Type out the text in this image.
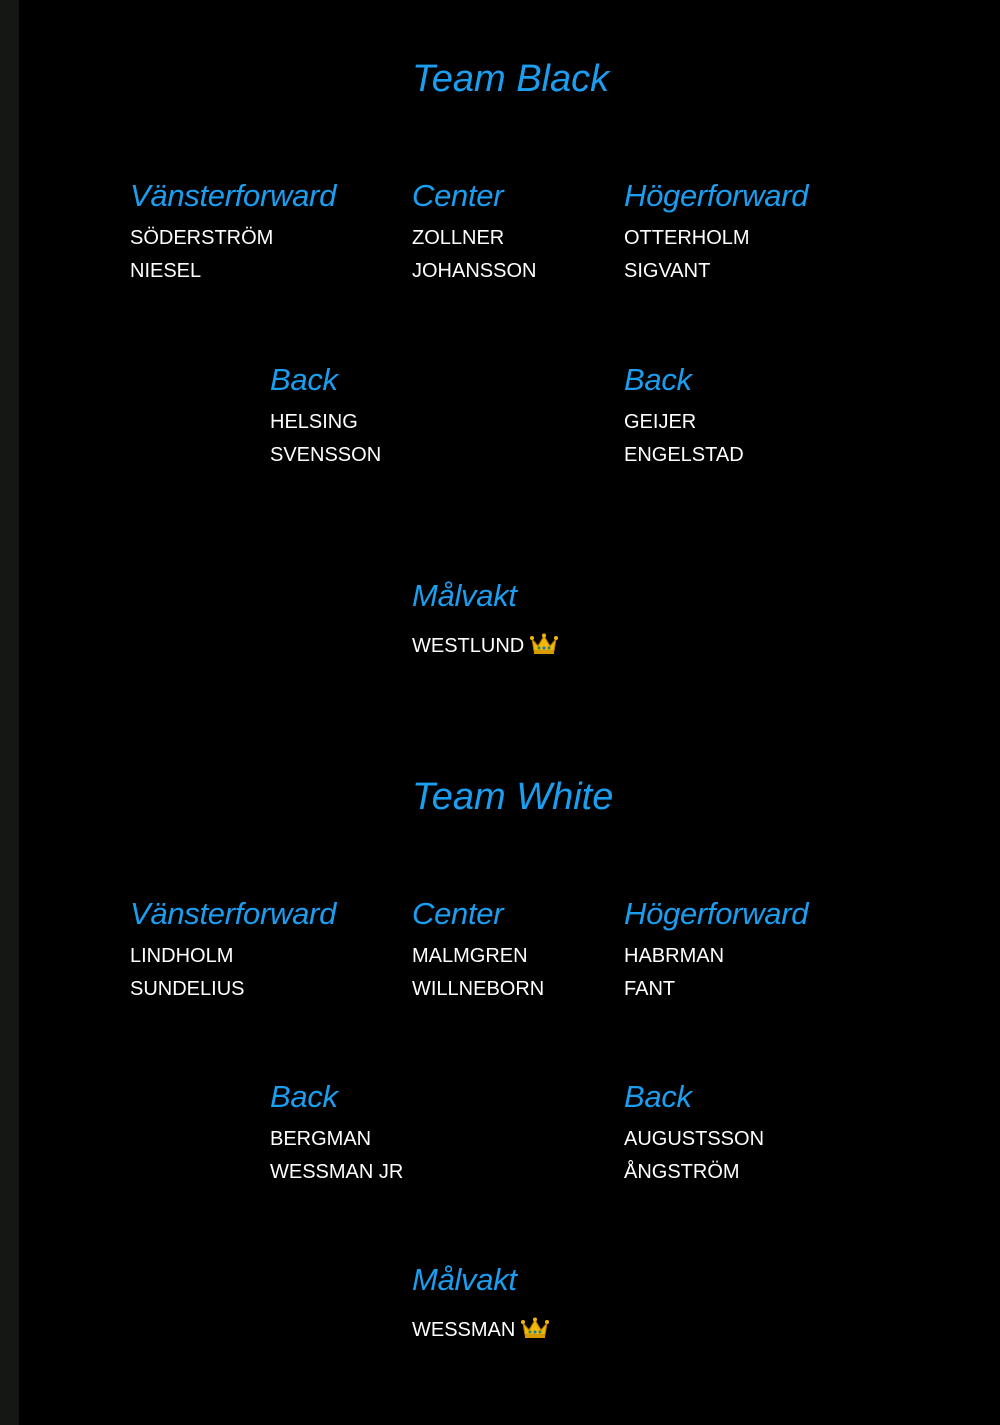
Team Black
Vänsterforward
SÖDERSTRÖM
NIESEL
Center
ZOLLNER
JOHANSSON
Högerforward
OTTERHOLM
SIGVANT
Back
HELSING
SVENSSON
Back
GEIJER
ENGELSTAD
Målvakt
WESTLUND
Team White
Vänsterforward
LINDHOLM
SUNDELIUS
Center
MALMGREN
WILLNEBORN
Högerforward
HABRMAN
FANT
Back
BERGMAN
WESSMAN JR
Back
AUGUSTSSON
ÅNGSTRÖM
Målvakt
WESSMAN
